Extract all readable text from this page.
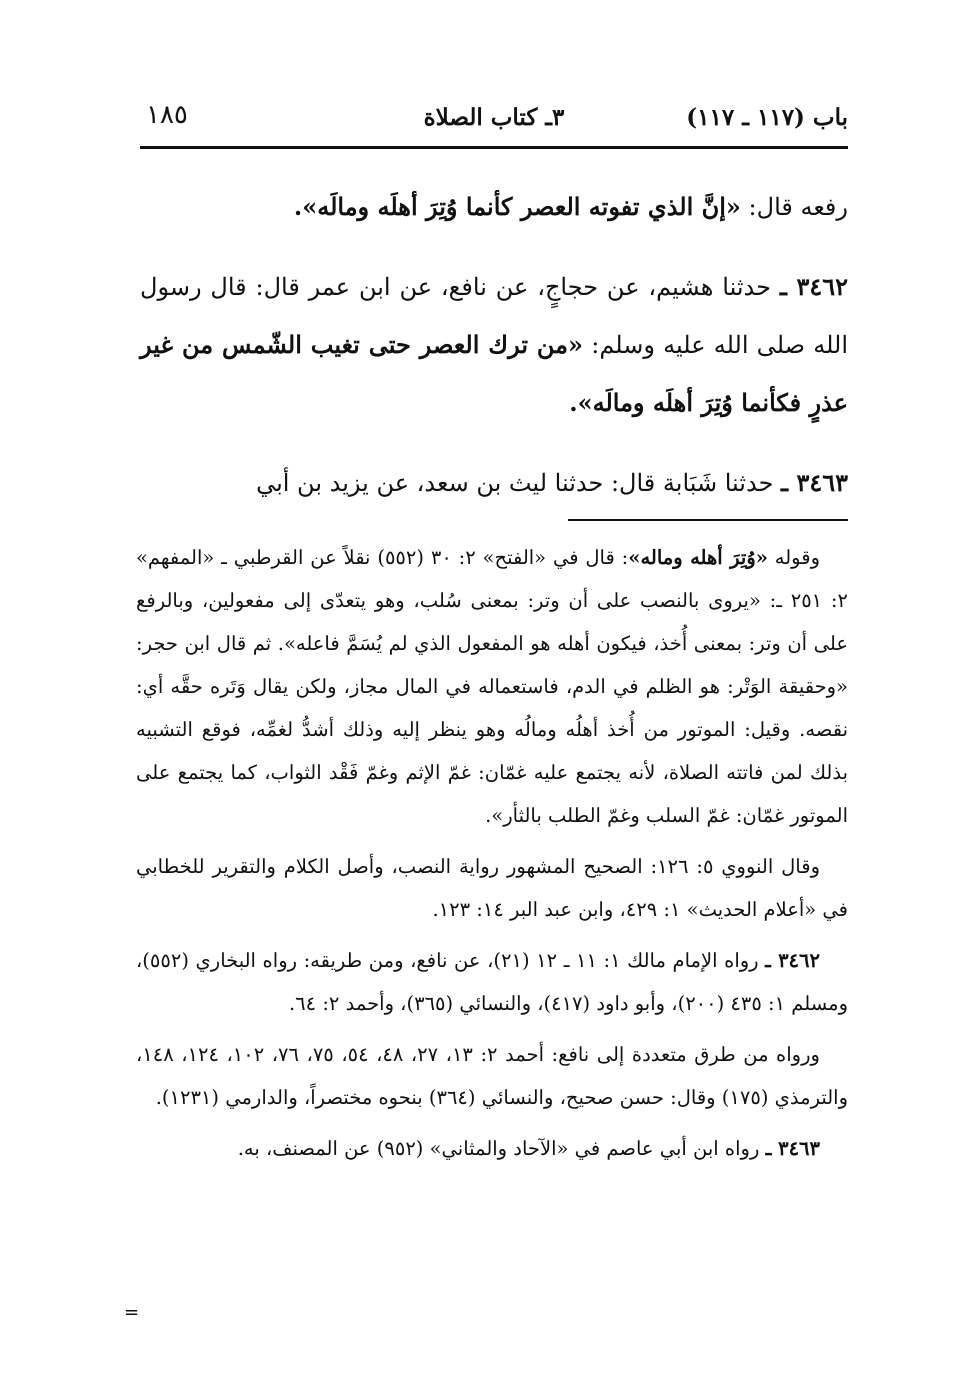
باب (١١٧ ـ ١١٧)
٣ـ كتاب الصلاة
١٨٥

رفعه قال: «إنَّ الذي تفوته العصر كأنما وُتِرَ أهلَه ومالَه».

٣٤٦٢ ـ حدثنا هشيم، عن حجاجٍ، عن نافع، عن ابن عمر قال: قال رسول الله صلى الله عليه وسلم: «من ترك العصر حتى تغيب الشّمس من غير عذرٍ فكأنما وُتِرَ أهلَه ومالَه».

٣٤٦٣ ـ حدثنا شَبَابة قال: حدثنا ليث بن سعد، عن يزيد بن أبي

وقوله «وُتِرَ أهله وماله»: قال في «الفتح» ٢: ٣٠ (٥٥٢) نقلاً عن القرطبي ـ «المفهم» ٢: ٢٥١ ـ: «يروى بالنصب على أن وتر: بمعنى سُلب، وهو يتعدّى إلى مفعولين، وبالرفع على أن وتر: بمعنى أُخذ، فيكون أهله هو المفعول الذي لم يُسَمَّ فاعله». ثم قال ابن حجر: «وحقيقة الوَتْر: هو الظلم في الدم، فاستعماله في المال مجاز، ولكن يقال وَتَره حقَّه أي: نقصه. وقيل: الموتور من أُخذ أهلُه ومالُه وهو ينظر إليه وذلك أشدُّ لغمِّه، فوقع التشبيه بذلك لمن فاتته الصلاة، لأنه يجتمع عليه غمّان: غمّ الإثم وغمّ فَقْد الثواب، كما يجتمع على الموتور غمّان: غمّ السلب وغمّ الطلب بالثأر».

وقال النووي ٥: ١٢٦: الصحيح المشهور رواية النصب، وأصل الكلام والتقرير للخطابي في «أعلام الحديث» ١: ٤٢٩، وابن عبد البر ١٤: ١٢٣.

٣٤٦٢ ـ رواه الإمام مالك ١: ١١ ـ ١٢ (٢١)، عن نافع، ومن طريقه: رواه البخاري (٥٥٢)، ومسلم ١: ٤٣٥ (٢٠٠)، وأبو داود (٤١٧)، والنسائي (٣٦٥)، وأحمد ٢: ٦٤.

ورواه من طرق متعددة إلى نافع: أحمد ٢: ١٣، ٢٧، ٤٨، ٥٤، ٧٥، ٧٦، ١٠٢، ١٢٤، ١٤٨، والترمذي (١٧٥) وقال: حسن صحيح، والنسائي (٣٦٤) بنحوه مختصراً، والدارمي (١٢٣١).

٣٤٦٣ ـ رواه ابن أبي عاصم في «الآحاد والمثاني» (٩٥٢) عن المصنف، به.

=
